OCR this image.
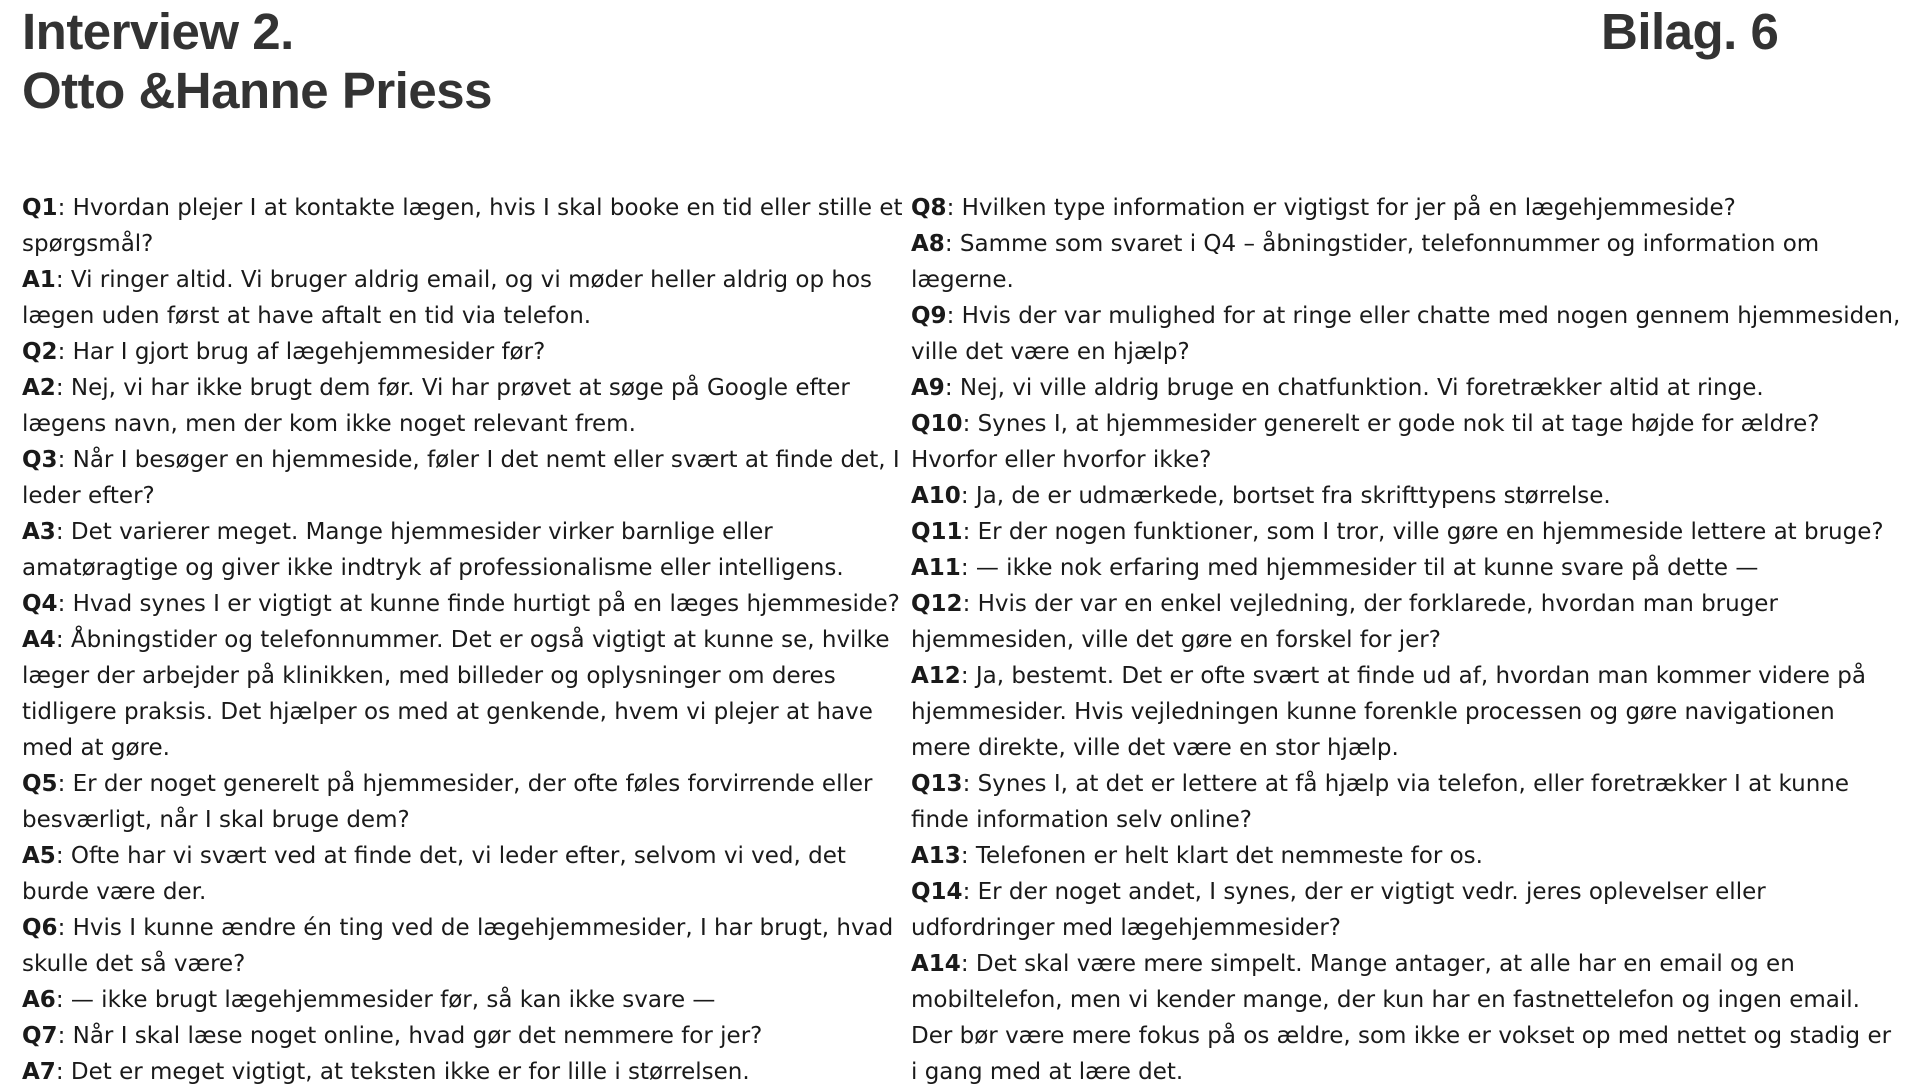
Interview 2.
Otto &Hanne Priess
Bilag. 6

Q1: Hvordan plejer I at kontakte lægen, hvis I skal booke en tid eller stille et spørgsmål?

A1: Vi ringer altid. Vi bruger aldrig email, og vi møder heller aldrig op hos lægen uden først at have aftalt en tid via telefon.

Q2: Har I gjort brug af lægehjemmesider før?

A2: Nej, vi har ikke brugt dem før. Vi har prøvet at søge på Google efter lægens navn, men der kom ikke noget relevant frem.

Q3: Når I besøger en hjemmeside, føler I det nemt eller svært at finde det, I leder efter?

A3: Det varierer meget. Mange hjemmesider virker barnlige eller amatøragtige og giver ikke indtryk af professionalisme eller intelligens.

Q4: Hvad synes I er vigtigt at kunne finde hurtigt på en læges hjemmeside?

A4: Åbningstider og telefonnummer. Det er også vigtigt at kunne se, hvilke læger der arbejder på klinikken, med billeder og oplysninger om deres tidligere praksis. Det hjælper os med at genkende, hvem vi plejer at have med at gøre.

Q5: Er der noget generelt på hjemmesider, der ofte føles forvirrende eller besværligt, når I skal bruge dem?

A5: Ofte har vi svært ved at finde det, vi leder efter, selvom vi ved, det burde være der.

Q6: Hvis I kunne ændre én ting ved de lægehjemmesider, I har brugt, hvad skulle det så være?

A6: — ikke brugt lægehjemmesider før, så kan ikke svare —

Q7: Når I skal læse noget online, hvad gør det nemmere for jer?

A7: Det er meget vigtigt, at teksten ikke er for lille i størrelsen.

Q8: Hvilken type information er vigtigst for jer på en lægehjemmeside?

A8: Samme som svaret i Q4 – åbningstider, telefonnummer og information om lægerne.

Q9: Hvis der var mulighed for at ringe eller chatte med nogen gennem hjemmesiden, ville det være en hjælp?

A9: Nej, vi ville aldrig bruge en chatfunktion. Vi foretrækker altid at ringe.

Q10: Synes I, at hjemmesider generelt er gode nok til at tage højde for ældre? Hvorfor eller hvorfor ikke?

A10: Ja, de er udmærkede, bortset fra skrifttypens størrelse.

Q11: Er der nogen funktioner, som I tror, ville gøre en hjemmeside lettere at bruge?

A11: — ikke nok erfaring med hjemmesider til at kunne svare på dette —

Q12: Hvis der var en enkel vejledning, der forklarede, hvordan man bruger hjemmesiden, ville det gøre en forskel for jer?

A12: Ja, bestemt. Det er ofte svært at finde ud af, hvordan man kommer videre på hjemmesider. Hvis vejledningen kunne forenkle processen og gøre navigationen mere direkte, ville det være en stor hjælp.

Q13: Synes I, at det er lettere at få hjælp via telefon, eller foretrækker I at kunne finde information selv online?

A13: Telefonen er helt klart det nemmeste for os.

Q14: Er der noget andet, I synes, der er vigtigt vedr. jeres oplevelser eller udfordringer med lægehjemmesider?

A14: Det skal være mere simpelt. Mange antager, at alle har en email og en mobiltelefon, men vi kender mange, der kun har en fastnettelefon og ingen email. Der bør være mere fokus på os ældre, som ikke er vokset op med nettet og stadig er i gang med at lære det.
